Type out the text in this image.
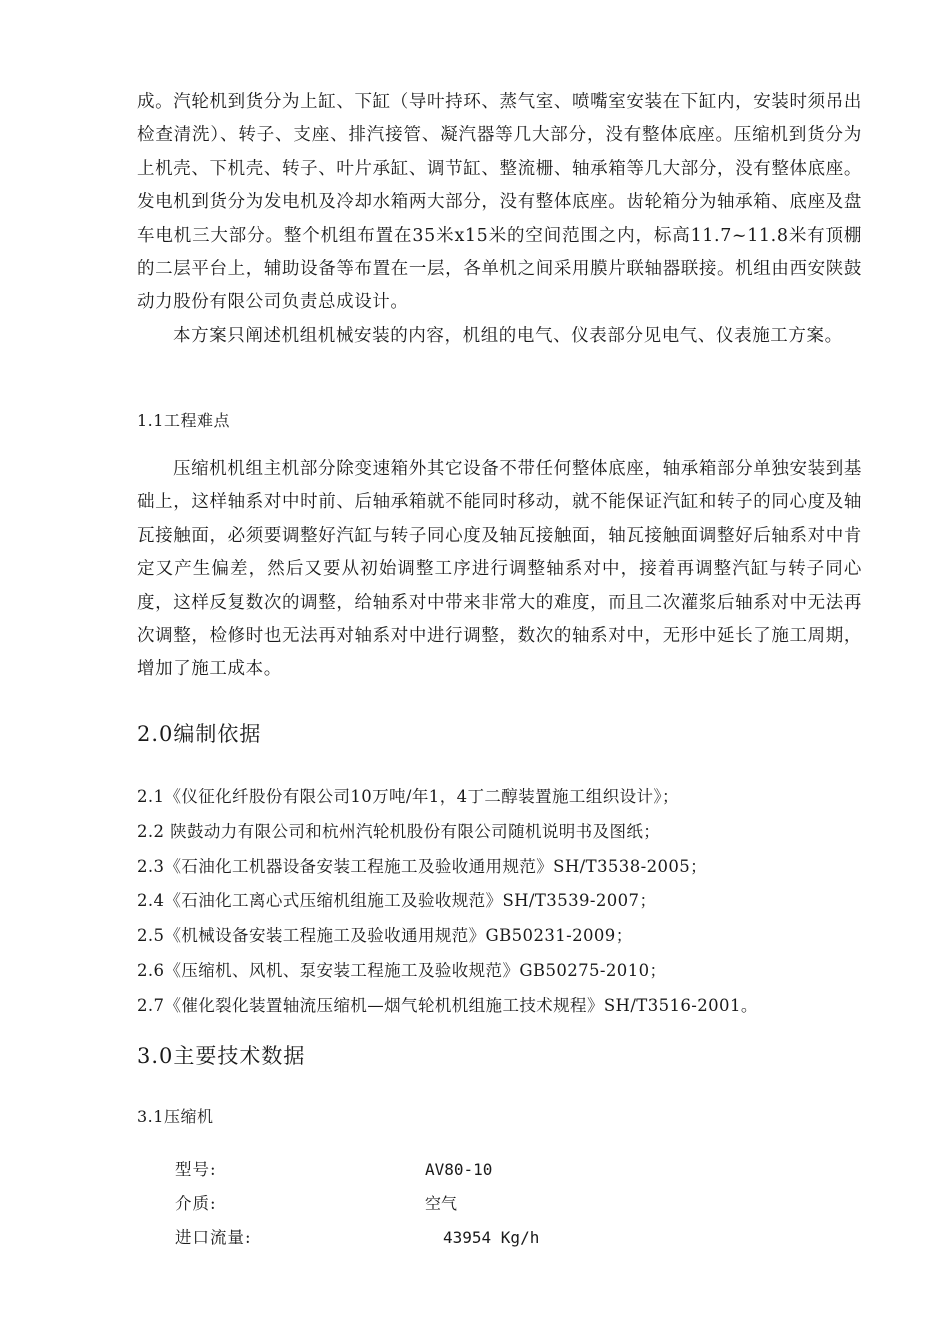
成。汽轮机到货分为上缸、下缸（导叶持环、蒸气室、喷嘴室安装在下缸内，安装时须吊出检查清洗）、转子、支座、排汽接管、凝汽器等几大部分，没有整体底座。压缩机到货分为上机壳、下机壳、转子、叶片承缸、调节缸、整流栅、轴承箱等几大部分，没有整体底座。发电机到货分为发电机及冷却水箱两大部分，没有整体底座。齿轮箱分为轴承箱、底座及盘车电机三大部分。整个机组布置在35米x15米的空间范围之内，标高11.7~11.8米有顶棚的二层平台上，辅助设备等布置在一层，各单机之间采用膜片联轴器联接。机组由西安陕鼓动力股份有限公司负责总成设计。

本方案只阐述机组机械安装的内容，机组的电气、仪表部分见电气、仪表施工方案。

1.1工程难点

压缩机机组主机部分除变速箱外其它设备不带任何整体底座，轴承箱部分单独安装到基础上，这样轴系对中时前、后轴承箱就不能同时移动，就不能保证汽缸和转子的同心度及轴瓦接触面，必须要调整好汽缸与转子同心度及轴瓦接触面，轴瓦接触面调整好后轴系对中肯定又产生偏差，然后又要从初始调整工序进行调整轴系对中，接着再调整汽缸与转子同心度，这样反复数次的调整，给轴系对中带来非常大的难度，而且二次灌浆后轴系对中无法再次调整，检修时也无法再对轴系对中进行调整，数次的轴系对中，无形中延长了施工周期，增加了施工成本。

2.0编制依据

2.1《仪征化纤股份有限公司10万吨/年1，4丁二醇装置施工组织设计》；
2.2 陕鼓动力有限公司和杭州汽轮机股份有限公司随机说明书及图纸；
2.3《石油化工机器设备安装工程施工及验收通用规范》SH/T3538-2005；
2.4《石油化工离心式压缩机组施工及验收规范》SH/T3539-2007；
2.5《机械设备安装工程施工及验收通用规范》GB50231-2009；
2.6《压缩机、风机、泵安装工程施工及验收规范》GB50275-2010；
2.7《催化裂化装置轴流压缩机—烟气轮机机组施工技术规程》SH/T3516-2001。

3.0主要技术数据

3.1压缩机

型号:	AV80-10
介质:	空气
进口流量:	43954 Kg/h
